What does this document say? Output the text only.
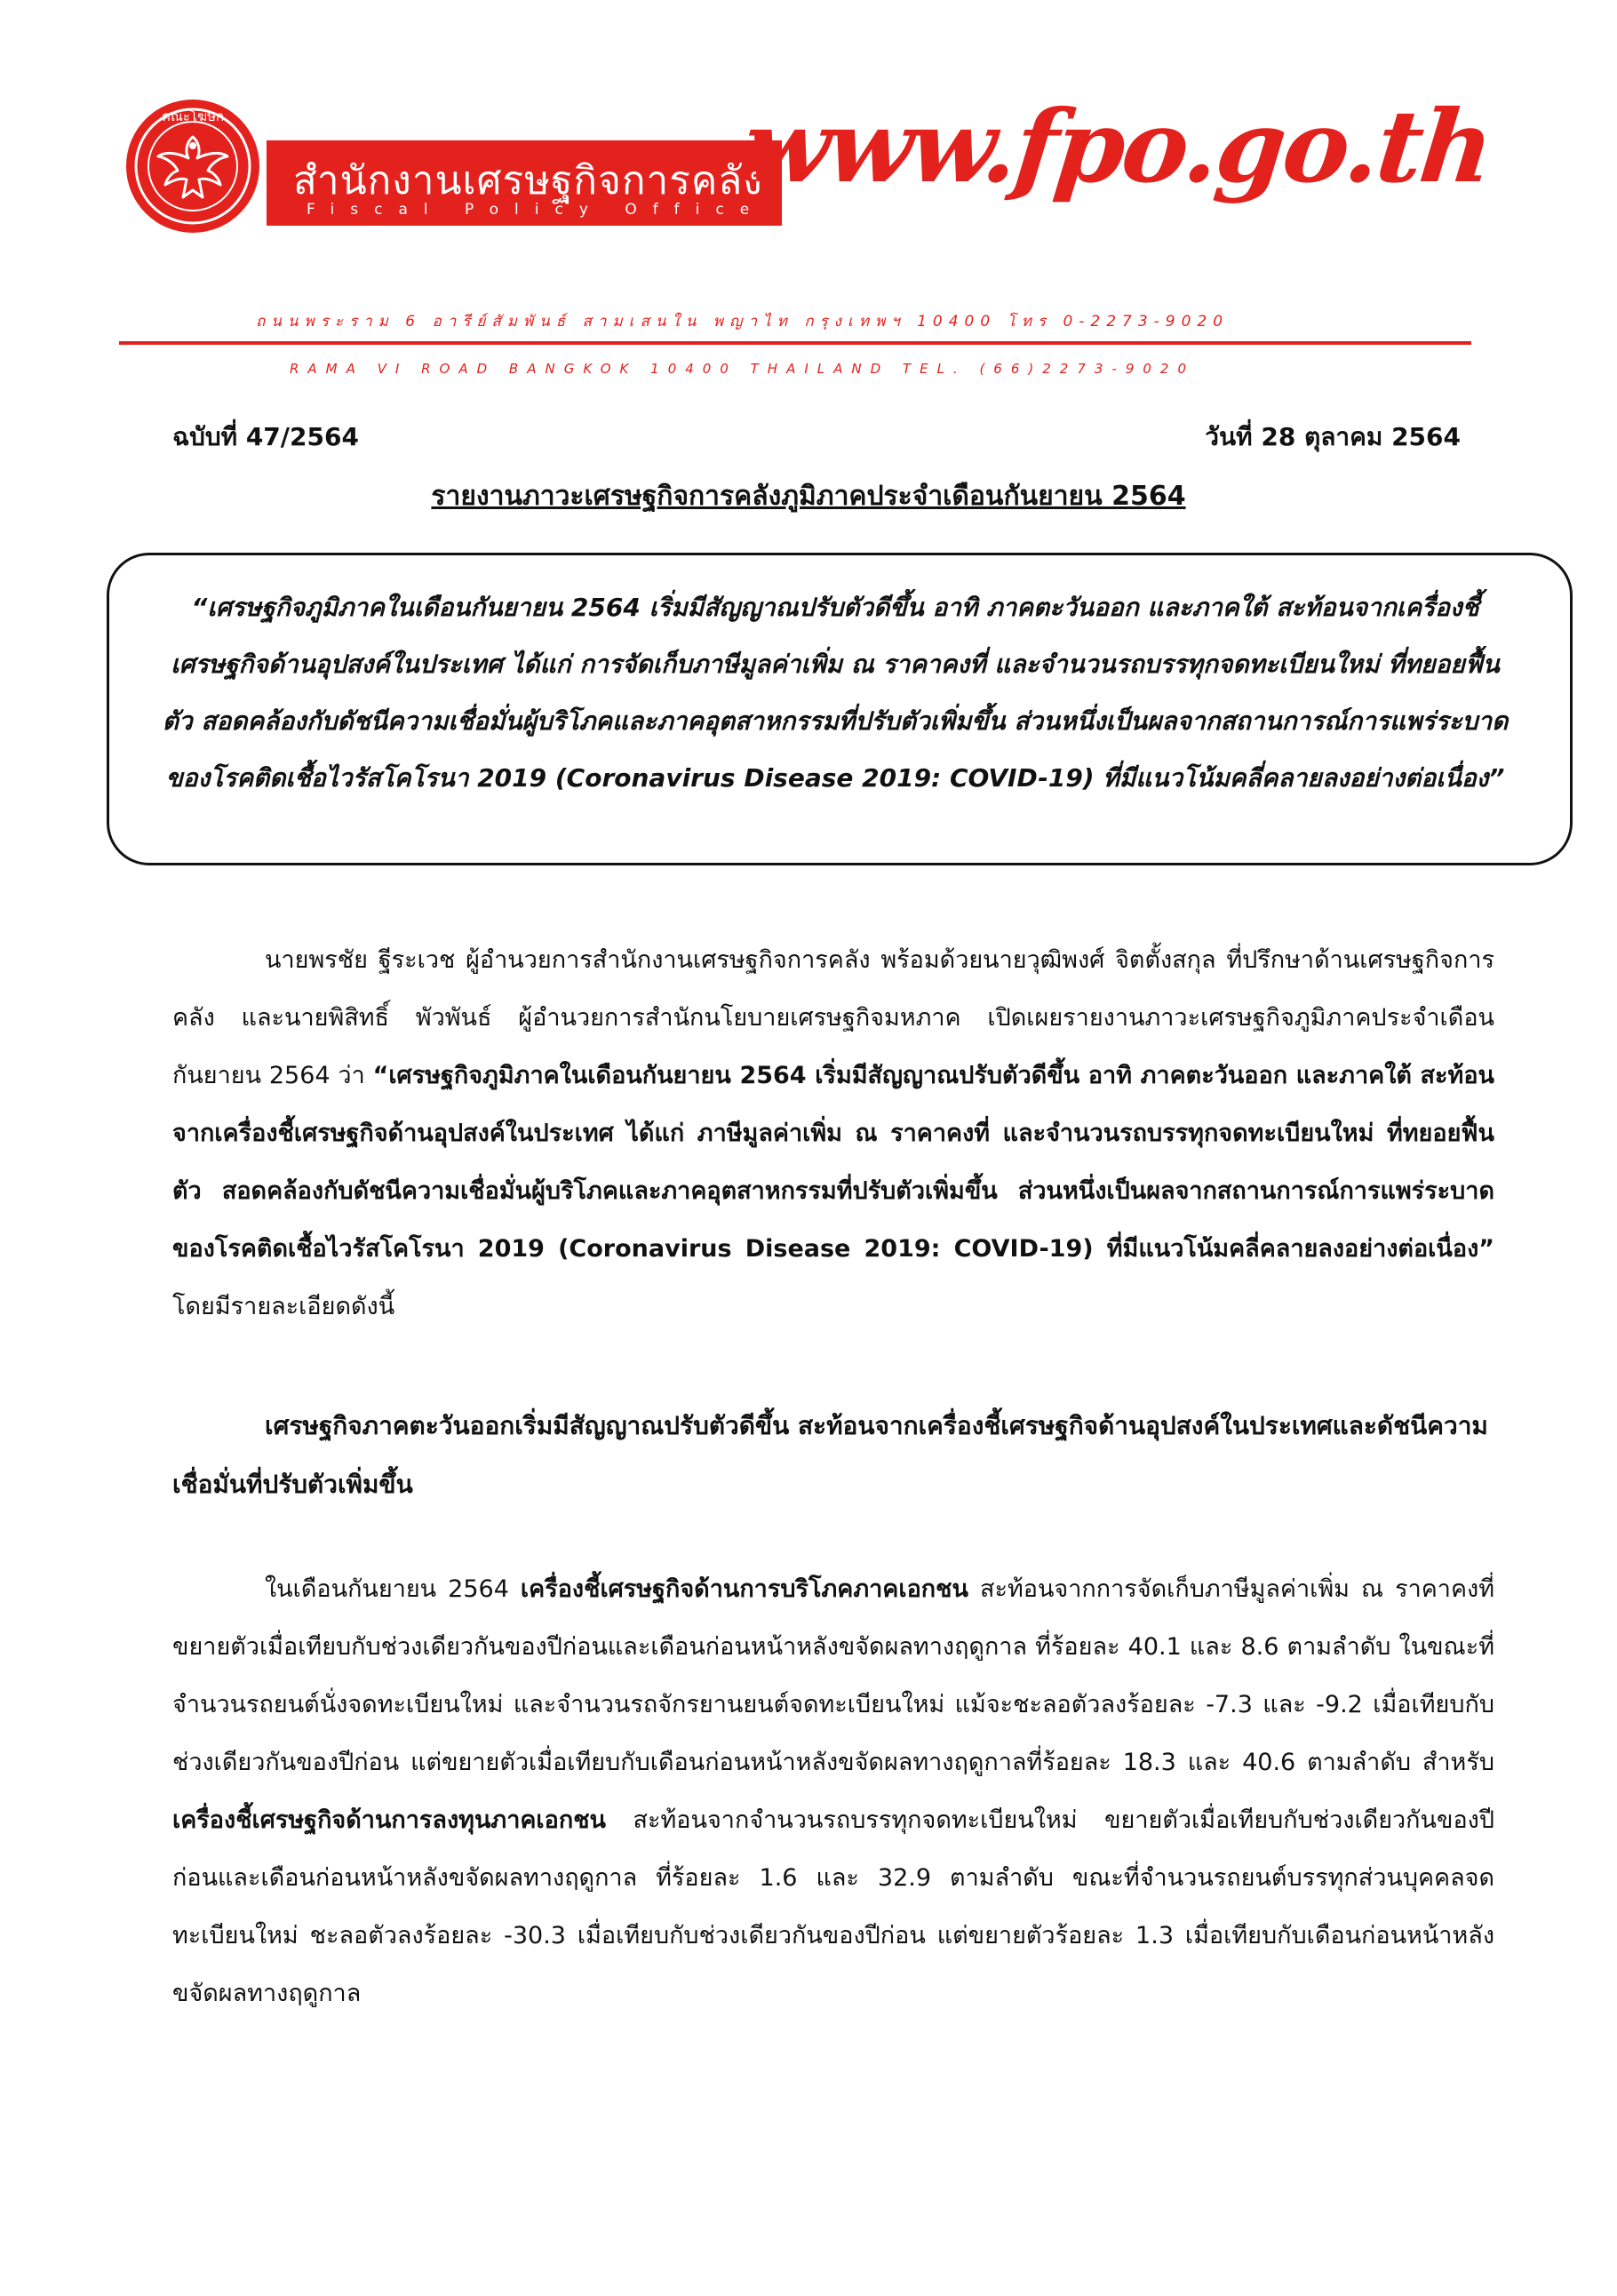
คณะโฆษก
สำนักงานเศรษฐกิจการคลัง
Fiscal Policy Office
www.fpo.go.th
ถนนพระราม 6 อารีย์สัมพันธ์ สามเสนใน พญาไท กรุงเทพฯ 10400 โทร 0-2273-9020
RAMA VI ROAD BANGKOK 10400 THAILAND TEL. (66)2273-9020
ฉบับที่ 47/2564	วันที่ 28 ตุลาคม 2564
รายงานภาวะเศรษฐกิจการคลังภูมิภาคประจำเดือนกันยายน 2564
“เศรษฐกิจภูมิภาคในเดือนกันยายน 2564 เริ่มมีสัญญาณปรับตัวดีขึ้น อาทิ ภาคตะวันออก และภาคใต้ สะท้อนจากเครื่องชี้เศรษฐกิจด้านอุปสงค์ในประเทศ ได้แก่ การจัดเก็บภาษีมูลค่าเพิ่ม ณ ราคาคงที่ และจำนวนรถบรรทุกจดทะเบียนใหม่ ที่ทยอยฟื้นตัว สอดคล้องกับดัชนีความเชื่อมั่นผู้บริโภคและภาคอุตสาหกรรมที่ปรับตัวเพิ่มขึ้น ส่วนหนึ่งเป็นผลจากสถานการณ์การแพร่ระบาดของโรคติดเชื้อไวรัสโคโรนา 2019 (Coronavirus Disease 2019: COVID-19) ที่มีแนวโน้มคลี่คลายลงอย่างต่อเนื่อง”
นายพรชัย ฐีระเวช ผู้อำนวยการสำนักงานเศรษฐกิจการคลัง พร้อมด้วยนายวุฒิพงศ์ จิตตั้งสกุล ที่ปรึกษาด้านเศรษฐกิจการคลัง และนายพิสิทธิ์ พัวพันธ์ ผู้อำนวยการสำนักนโยบายเศรษฐกิจมหภาค เปิดเผยรายงานภาวะเศรษฐกิจภูมิภาคประจำเดือนกันยายน 2564 ว่า “เศรษฐกิจภูมิภาคในเดือนกันยายน 2564 เริ่มมีสัญญาณปรับตัวดีขึ้น อาทิ ภาคตะวันออก และภาคใต้ สะท้อนจากเครื่องชี้เศรษฐกิจด้านอุปสงค์ในประเทศ ได้แก่ ภาษีมูลค่าเพิ่ม ณ ราคาคงที่ และจำนวนรถบรรทุกจดทะเบียนใหม่ ที่ทยอยฟื้นตัว สอดคล้องกับดัชนีความเชื่อมั่นผู้บริโภคและภาคอุตสาหกรรมที่ปรับตัวเพิ่มขึ้น ส่วนหนึ่งเป็นผลจากสถานการณ์การแพร่ระบาดของโรคติดเชื้อไวรัสโคโรนา 2019 (Coronavirus Disease 2019: COVID-19) ที่มีแนวโน้มคลี่คลายลงอย่างต่อเนื่อง” โดยมีรายละเอียดดังนี้
เศรษฐกิจภาคตะวันออกเริ่มมีสัญญาณปรับตัวดีขึ้น สะท้อนจากเครื่องชี้เศรษฐกิจด้านอุปสงค์ในประเทศและดัชนีความเชื่อมั่นที่ปรับตัวเพิ่มขึ้น
ในเดือนกันยายน 2564 เครื่องชี้เศรษฐกิจด้านการบริโภคภาคเอกชน สะท้อนจากการจัดเก็บภาษีมูลค่าเพิ่ม ณ ราคาคงที่ ขยายตัวเมื่อเทียบกับช่วงเดียวกันของปีก่อนและเดือนก่อนหน้าหลังขจัดผลทางฤดูกาล ที่ร้อยละ 40.1 และ 8.6 ตามลำดับ ในขณะที่จำนวนรถยนต์นั่งจดทะเบียนใหม่ และจำนวนรถจักรยานยนต์จดทะเบียนใหม่ แม้จะชะลอตัวลงร้อยละ -7.3 และ -9.2 เมื่อเทียบกับช่วงเดียวกันของปีก่อน แต่ขยายตัวเมื่อเทียบกับเดือนก่อนหน้าหลังขจัดผลทางฤดูกาลที่ร้อยละ 18.3 และ 40.6 ตามลำดับ สำหรับเครื่องชี้เศรษฐกิจด้านการลงทุนภาคเอกชน สะท้อนจากจำนวนรถบรรทุกจดทะเบียนใหม่ ขยายตัวเมื่อเทียบกับช่วงเดียวกันของปีก่อนและเดือนก่อนหน้าหลังขจัดผลทางฤดูกาล ที่ร้อยละ 1.6 และ 32.9 ตามลำดับ ขณะที่จำนวนรถยนต์บรรทุกส่วนบุคคลจดทะเบียนใหม่ ชะลอตัวลงร้อยละ -30.3 เมื่อเทียบกับช่วงเดียวกันของปีก่อน แต่ขยายตัวร้อยละ 1.3 เมื่อเทียบกับเดือนก่อนหน้าหลังขจัดผลทางฤดูกาล
